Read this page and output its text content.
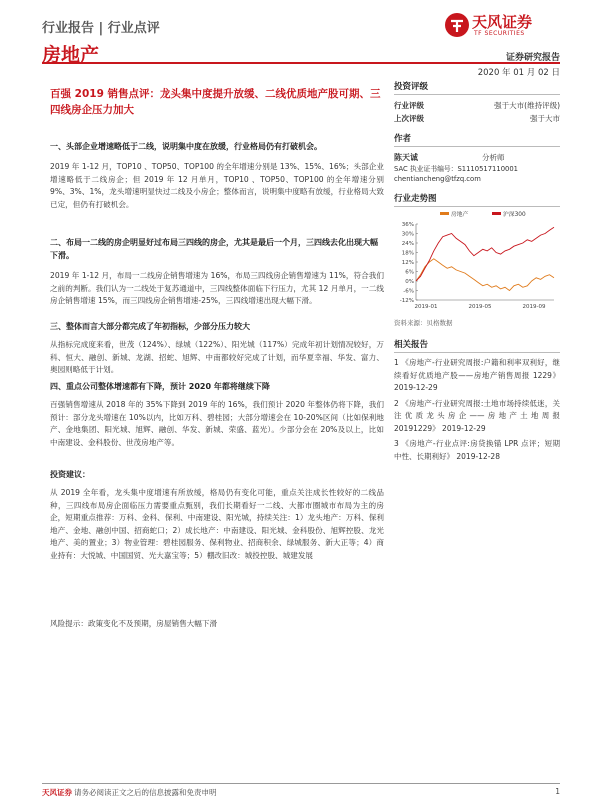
行业报告 | 行业点评	天风证券
TF SECURITIES
房地产	证券研究报告
2020 年 01 月 02 日
百强 2019 销售点评：龙头集中度提升放缓、二线优质地产股可期、三四线房企压力加大
一、头部企业增速略低于二线，说明集中度在放缓，行业格局仍有打破机会。
2019 年 1-12 月，TOP10 、TOP50、TOP100 的全年增速分别是 13%、15%、16%；头部企业增速略低于二线房企；但 2019 年 12 月单月，TOP10 、TOP50、TOP100 的全年增速分别 9%、3%、1%，龙头增速明显快过二线及小房企；整体而言，说明集中度略有放缓，行业格局大致已定，但仍有打破机会。
二、布局一二线的房企明显好过布局三四线的房企，尤其是最后一个月，三四线去化出现大幅下滑。
2019 年 1-12 月，布局一二线房企销售增速为 16%，布局三四线房企销售增速为 11%，符合我们之前的判断。我们认为一二线处于复苏通道中，三四线整体面临下行压力，尤其 12 月单月，一二线房企销售增速 15%，而三四线房企销售增速-25%，三四线增速出现大幅下滑。
三、整体而言大部分都完成了年初指标，少部分压力较大
从指标完成度来看，世茂（124%）、绿城（122%）、阳光城（117%）完成年初计划情况较好，万科、恒大、融创、新城、龙湖、招蛇、旭辉、中南都较好完成了计划，而华夏幸福、华发、富力、奥园则略低于计划。
四、重点公司整体增速都有下降，预计 2020 年都将继续下降
百强销售增速从 2018 年的 35%下降到 2019 年的 16%，我们预计 2020 年整体仍将下降，我们预计：部分龙头增速在 10%以内，比如万科、碧桂园；大部分增速会在 10-20%区间（比如保利地产、金地集团、阳光城、旭辉、融创、华发、新城、荣盛、蓝光）。少部分会在 20%及以上，比如中南建设、金科股份、世茂房地产等。
投资建议：
从 2019 全年看，龙头集中度增速有所放缓，格局仍有变化可能，重点关注成长性较好的二线品种，三四线布局房企面临压力需要重点甄别，我们长期看好一二线、大都市圈城市布局为主的房企，短期重点推荐：万科、金科、保利、中南建设、阳光城，持续关注：1）龙头地产：万科、保利地产、金地、融创中国、招商蛇口；2）成长地产：中南建设、阳光城、金科股份、旭辉控股、龙光地产、美的置业；3）物业管理：碧桂园服务、保利物业、招商积余、绿城服务、新大正等；4）商业持有：大悦城、中国国贸、光大嘉宝等；5）棚改旧改：城投控股、城建发展
风险提示：政策变化不及预期，房屋销售大幅下滑
投资评级
行业评级	强于大市(维持评级)
上次评级	强于大市
作者
陈天诚	分析师
SAC 执业证书编号：S1110517110001
chentiancheng@tfzq.com
行业走势图
36%
30%
24%
18%
12%
6%
0%
-6%
-12%
2019-01	2019-05	2019-09
房地产	沪深300
资料来源：贝格数据
相关报告

1 《房地产-行业研究周报:户籍和利率双利好，继续看好优质地产股——房地产销售周报 1229》 2019-12-29

2 《房地产-行业研究周报:土地市场持续低迷，关注优质龙头房企——房地产土地周报 20191229》 2019-12-29

3 《房地产-行业点评:房贷换锚 LPR 点评；短期中性、长期利好》 2019-12-28

天风证券 请务必阅读正文之后的信息披露和免责申明	1
